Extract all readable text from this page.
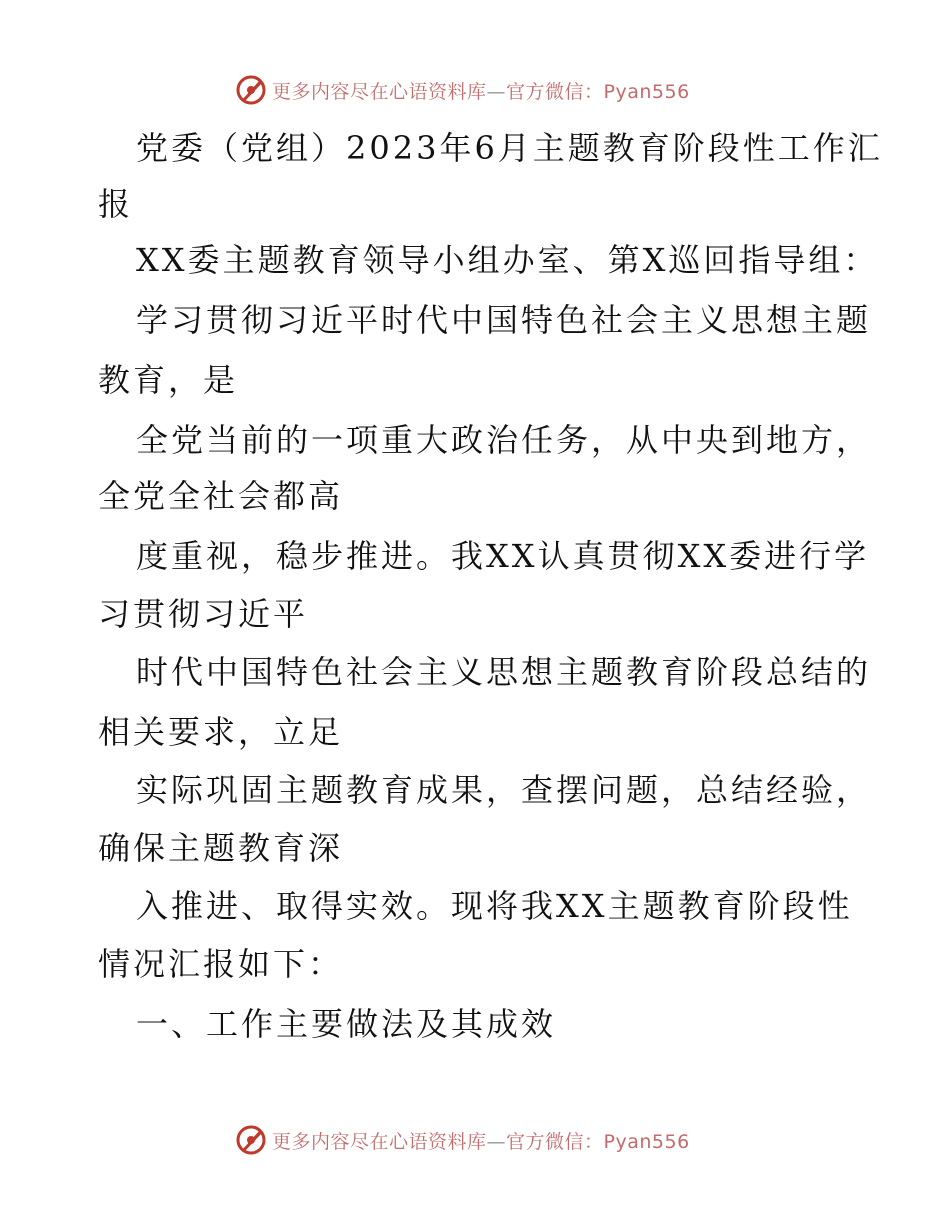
更多内容尽在心语资料库—官方微信：Pyan556
党委（党组）2023年6月主题教育阶段性工作汇
报
XX委主题教育领导小组办室、第X巡回指导组：
学习贯彻习近平时代中国特色社会主义思想主题
教育，是
全党当前的一项重大政治任务，从中央到地方，
全党全社会都高
度重视，稳步推进。我XX认真贯彻XX委进行学
习贯彻习近平
时代中国特色社会主义思想主题教育阶段总结的
相关要求，立足
实际巩固主题教育成果，查摆问题，总结经验，
确保主题教育深
入推进、取得实效。现将我XX主题教育阶段性
情况汇报如下：
一、工作主要做法及其成效
更多内容尽在心语资料库—官方微信：Pyan556
